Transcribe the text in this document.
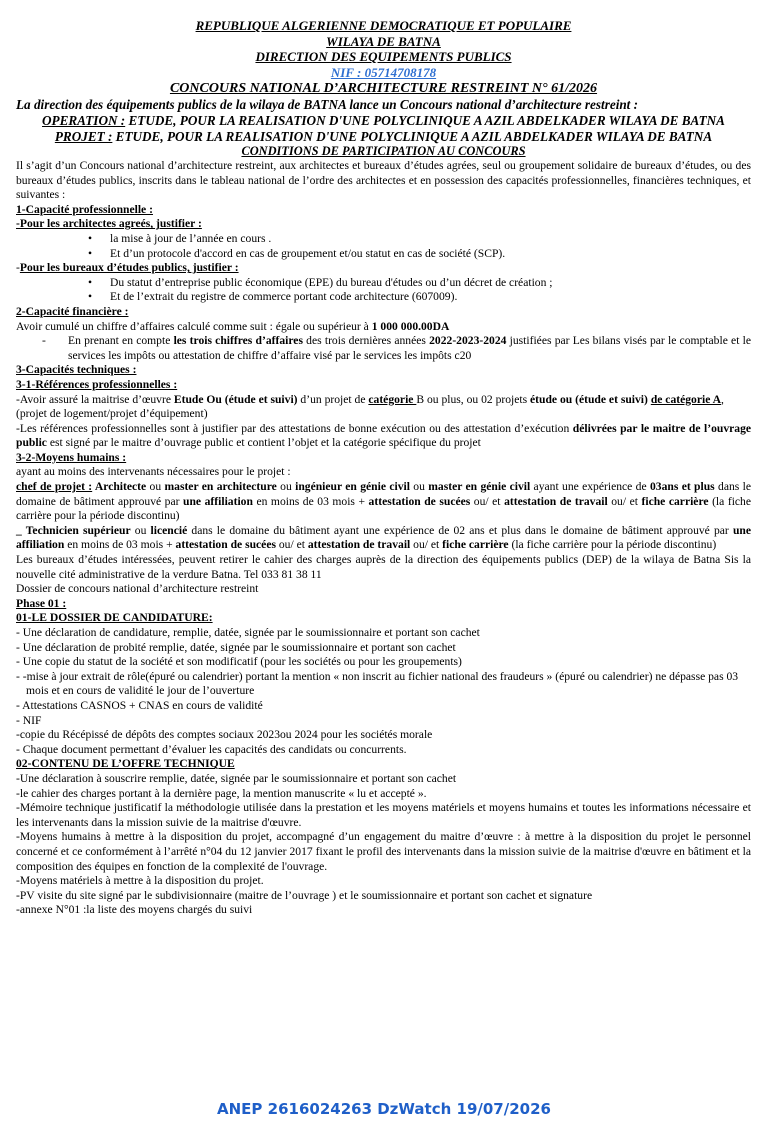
REPUBLIQUE ALGERIENNE DEMOCRATIQUE ET POPULAIRE

WILAYA DE BATNA

DIRECTION DES EQUIPEMENTS PUBLICS

NIF : 05714708178

CONCOURS NATIONAL D’ARCHITECTURE RESTREINT N° 61/2026

La direction des équipements publics de la wilaya de BATNA lance un Concours national d’architecture restreint :

OPERATION : ETUDE, POUR LA REALISATION D'UNE POLYCLINIQUE A AZIL ABDELKADER WILAYA DE BATNA

PROJET : ETUDE, POUR LA REALISATION D'UNE POLYCLINIQUE A AZIL ABDELKADER WILAYA DE BATNA

CONDITIONS DE PARTICIPATION AU CONCOURS

Il s’agit d’un Concours national d’architecture restreint, aux architectes et bureaux d’études agrées, seul ou groupement solidaire de bureaux d’études, ou des bureaux d’études publics, inscrits dans le tableau national de l’ordre des architectes et en possession des capacités professionnelles, financières techniques, et suivantes :

1-Capacité professionnelle :

-Pour les architectes agreés, justifier :

• la mise à jour de l’année en cours .
• Et d’un protocole d'accord en cas de groupement et/ou statut en cas de société (SCP).

-Pour les bureaux d’études publics, justifier :

• Du statut d’entreprise public économique (EPE) du bureau d'études ou d’un décret de création ;
• Et de l’extrait du registre de commerce portant code architecture (607009).

2-Capacité financière :

Avoir cumulé un chiffre d’affaires calculé comme suit : égale ou supérieur à 1 000 000.00DA

- En prenant en compte les trois chiffres d’affaires des trois dernières années 2022-2023-2024 justifiées par Les bilans visés par le comptable et le services les impôts ou attestation de chiffre d’affaire visé par le services les impôts c20

3-Capacités techniques :

3-1-Références professionnelles :

-Avoir assuré la maitrise d’œuvre Etude Ou (étude et suivi) d’un projet de catégorie B ou plus, ou 02 projets étude ou (étude et suivi) de catégorie A,

(projet de logement/projet d’équipement)

-Les références professionnelles sont à justifier par des attestations de bonne exécution ou des attestation d’exécution délivrées par le maitre de l’ouvrage public est signé par le maitre d’ouvrage public et contient l’objet et la catégorie spécifique du projet

3-2-Moyens humains :

ayant au moins des intervenants nécessaires pour le projet :

chef de projet : Architecte ou master en architecture ou ingénieur en génie civil ou master en génie civil ayant une expérience de 03ans et plus dans le domaine de bâtiment approuvé par une affiliation en moins de 03 mois + attestation de sucées ou/ et attestation de travail ou/ et fiche carrière (la fiche carrière pour la période discontinu)

_ Technicien supérieur ou licencié dans le domaine du bâtiment ayant une expérience de 02 ans et plus dans le domaine de bâtiment approuvé par une affiliation en moins de 03 mois + attestation de sucées ou/ et attestation de travail ou/ et fiche carrière (la fiche carrière pour la période discontinu)

Les bureaux d’études intéressées, peuvent retirer le cahier des charges auprès de la direction des équipements publics (DEP) de la wilaya de Batna Sis la nouvelle cité administrative de la verdure Batna. Tel 033 81 38 11

Dossier de concours national d’architecture restreint

Phase 01 :

01-LE DOSSIER DE CANDIDATURE:

- Une déclaration de candidature, remplie, datée, signée par le soumissionnaire et portant son cachet

- Une déclaration de probité remplie, datée, signée par le soumissionnaire et portant son cachet

- Une copie du statut de la société et son modificatif (pour les sociétés ou pour les groupements)

- -mise à jour extrait de rôle(épuré ou calendrier) portant la mention « non inscrit au fichier national des fraudeurs » (épuré ou calendrier) ne dépasse pas 03 mois et en cours de validité le jour de l’ouverture

- Attestations CASNOS + CNAS en cours de validité

- NIF

-copie du Récépissé de dépôts des comptes sociaux 2023ou 2024 pour les sociétés morale

- Chaque document permettant d’évaluer les capacités des candidats ou concurrents.

02-CONTENU DE L’OFFRE TECHNIQUE

-Une déclaration à souscrire remplie, datée, signée par le soumissionnaire et portant son cachet

-le cahier des charges portant à la dernière page, la mention manuscrite « lu et accepté ».

-Mémoire technique justificatif la méthodologie utilisée dans la prestation et les moyens matériels et moyens humains et toutes les informations nécessaire et les intervenants dans la mission suivie de la maitrise d'œuvre.

-Moyens humains à mettre à la disposition du projet, accompagné d’un engagement du maitre d’œuvre : à mettre à la disposition du projet le personnel concerné et ce conformément à l’arrêté n°04 du 12 janvier 2017 fixant le profil des intervenants dans la mission suivie de la maitrise d'œuvre en bâtiment et la composition des équipes en fonction de la complexité de l'ouvrage.

-Moyens matériels à mettre à la disposition du projet.

-PV visite du site signé par le subdivisionnaire (maitre de l’ouvrage ) et le soumissionnaire et portant son cachet et signature

-annexe N°01 :la liste des moyens chargés du suivi

ANEP 2616024263 DzWatch 19/07/2026
